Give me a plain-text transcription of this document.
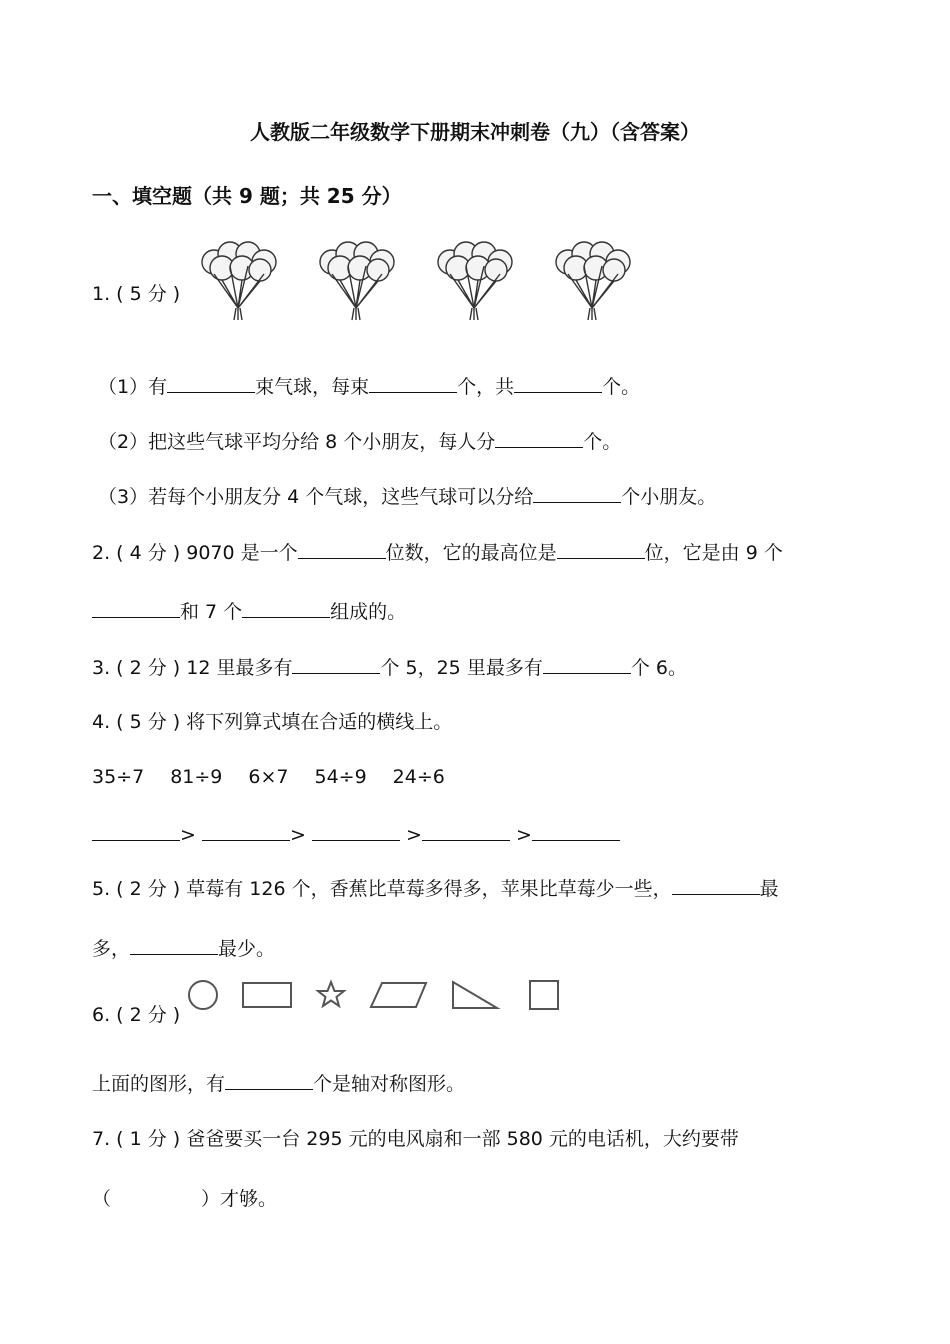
人教版二年级数学下册期末冲刺卷（九）（含答案）
一、填空题（共 9 题；共 25 分）
1. ( 5 分 )
（1）有	束气球，每束	个，共	个。
（2）把这些气球平均分给 8 个小朋友，每人分	个。
（3）若每个小朋友分 4 个气球，这些气球可以分给	个小朋友。
2. ( 4 分 ) 9070 是一个	位数，它的最高位是	位，它是由 9 个
和 7 个	组成的。
3. ( 2 分 ) 12 里最多有	个 5，25 里最多有	个 6。
4. ( 5 分 ) 将下列算式填在合适的横线上。
35÷7 81÷9 6×7 54÷9 24÷6
>	>	>	>
5. ( 2 分 ) 草莓有 126 个，香蕉比草莓多得多，苹果比草莓少一些，	最
多，	最少。
6. ( 2 分 )
上面的图形，有	个是轴对称图形。
7. ( 1 分 ) 爸爸要买一台 295 元的电风扇和一部 580 元的电话机，大约要带
（	）才够。
